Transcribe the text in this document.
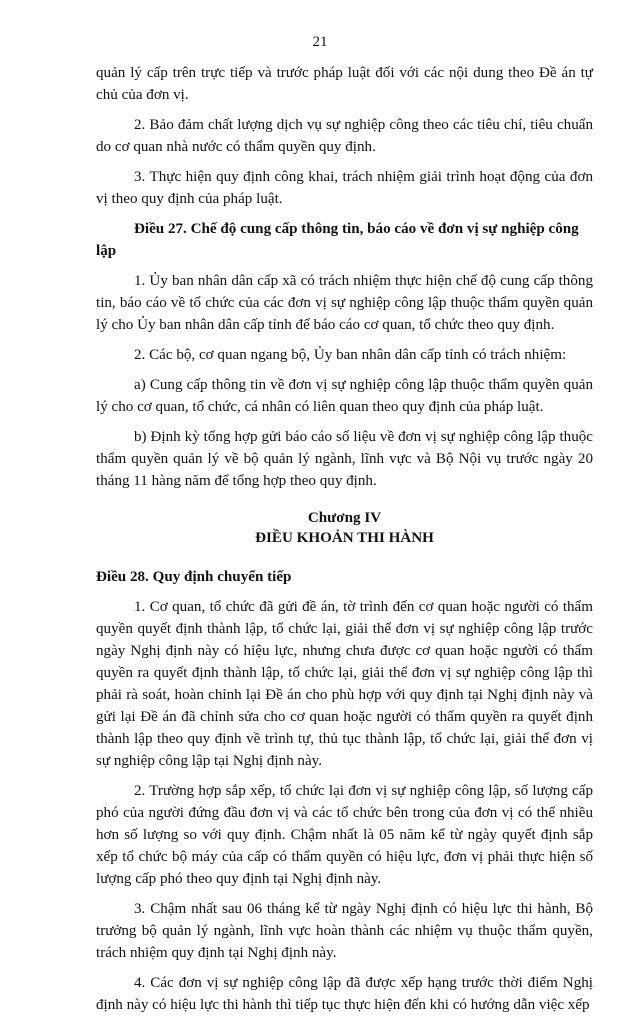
21

quản lý cấp trên trực tiếp và trước pháp luật đối với các nội dung theo Đề án tự chủ của đơn vị.

2. Bảo đảm chất lượng dịch vụ sự nghiệp công theo các tiêu chí, tiêu chuẩn do cơ quan nhà nước có thẩm quyền quy định.

3. Thực hiện quy định công khai, trách nhiệm giải trình hoạt động của đơn vị theo quy định của pháp luật.

Điều 27. Chế độ cung cấp thông tin, báo cáo về đơn vị sự nghiệp công lập

1. Ủy ban nhân dân cấp xã có trách nhiệm thực hiện chế độ cung cấp thông tin, báo cáo về tổ chức của các đơn vị sự nghiệp công lập thuộc thẩm quyền quản lý cho Ủy ban nhân dân cấp tỉnh để báo cáo cơ quan, tổ chức theo quy định.

2. Các bộ, cơ quan ngang bộ, Ủy ban nhân dân cấp tỉnh có trách nhiệm:

a) Cung cấp thông tin về đơn vị sự nghiệp công lập thuộc thẩm quyền quản lý cho cơ quan, tổ chức, cá nhân có liên quan theo quy định của pháp luật.

b) Định kỳ tổng hợp gửi báo cáo số liệu về đơn vị sự nghiệp công lập thuộc thẩm quyền quản lý về bộ quản lý ngành, lĩnh vực và Bộ Nội vụ trước ngày 20 tháng 11 hàng năm để tổng hợp theo quy định.

Chương IV
ĐIỀU KHOẢN THI HÀNH
Điều 28. Quy định chuyển tiếp

1. Cơ quan, tổ chức đã gửi đề án, tờ trình đến cơ quan hoặc người có thẩm quyền quyết định thành lập, tổ chức lại, giải thể đơn vị sự nghiệp công lập trước ngày Nghị định này có hiệu lực, nhưng chưa được cơ quan hoặc người có thẩm quyền ra quyết định thành lập, tổ chức lại, giải thể đơn vị sự nghiệp công lập thì phải rà soát, hoàn chỉnh lại Đề án cho phù hợp với quy định tại Nghị định này và gửi lại Đề án đã chỉnh sửa cho cơ quan hoặc người có thẩm quyền ra quyết định thành lập theo quy định về trình tự, thủ tục thành lập, tổ chức lại, giải thể đơn vị sự nghiệp công lập tại Nghị định này.

2. Trường hợp sắp xếp, tổ chức lại đơn vị sự nghiệp công lập, số lượng cấp phó của người đứng đầu đơn vị và các tổ chức bên trong của đơn vị có thể nhiều hơn số lượng so với quy định. Chậm nhất là 05 năm kể từ ngày quyết định sắp xếp tổ chức bộ máy của cấp có thẩm quyền có hiệu lực, đơn vị phải thực hiện số lượng cấp phó theo quy định tại Nghị định này.

3. Chậm nhất sau 06 tháng kể từ ngày Nghị định có hiệu lực thi hành, Bộ trưởng bộ quản lý ngành, lĩnh vực hoàn thành các nhiệm vụ thuộc thẩm quyền, trách nhiệm quy định tại Nghị định này.

4. Các đơn vị sự nghiệp công lập đã được xếp hạng trước thời điểm Nghị định này có hiệu lực thi hành thì tiếp tục thực hiện đến khi có hướng dẫn việc xếp
